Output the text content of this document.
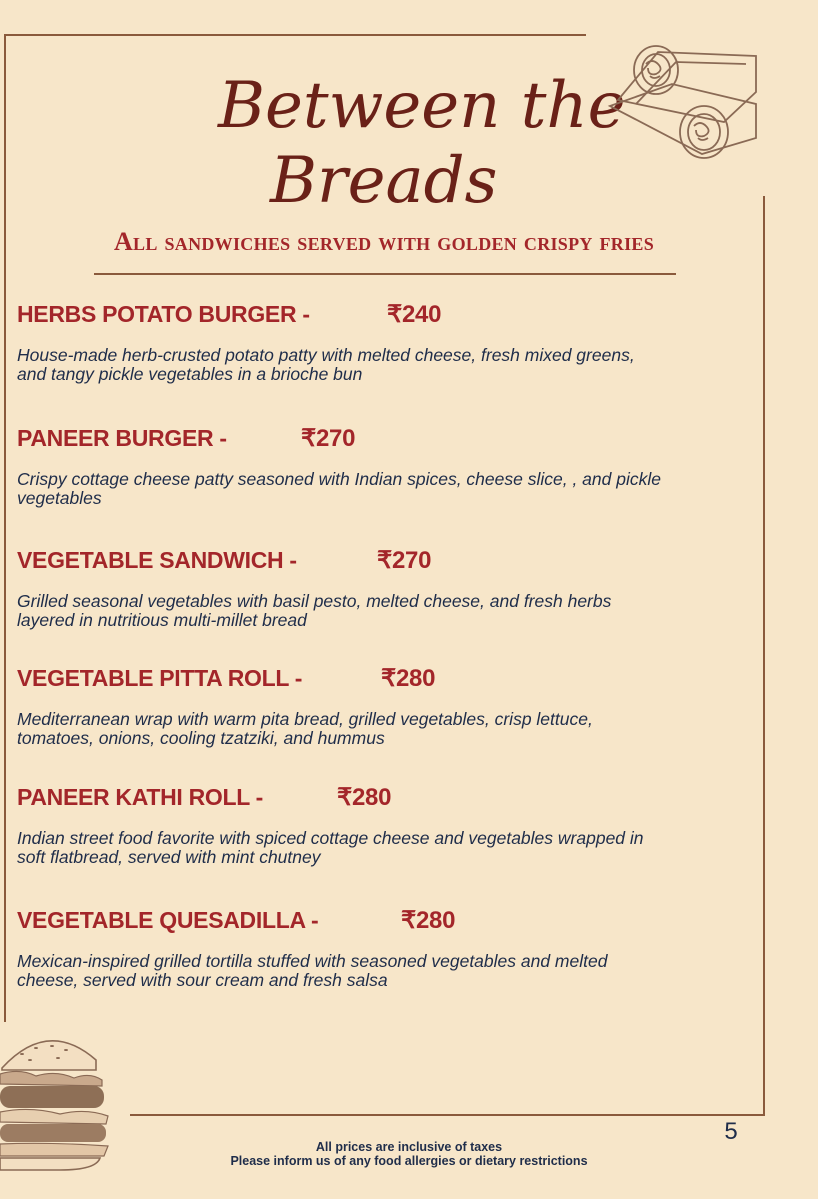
Between the
Breads
All sandwiches served with golden crispy fries
HERBS POTATO BURGER -	₹240
House-made herb-crusted potato patty with melted cheese, fresh mixed greens,
and tangy pickle vegetables in a brioche bun
PANEER BURGER -	₹270
Crispy cottage cheese patty seasoned with Indian spices, cheese slice, , and pickle
vegetables
VEGETABLE SANDWICH -	₹270
Grilled seasonal vegetables with basil pesto, melted cheese, and fresh herbs
layered in nutritious multi-millet bread
VEGETABLE PITTA ROLL -	₹280
Mediterranean wrap with warm pita bread, grilled vegetables, crisp lettuce,
tomatoes, onions, cooling tzatziki, and hummus
PANEER KATHI ROLL -	₹280
Indian street food favorite with spiced cottage cheese and vegetables wrapped in
soft flatbread, served with mint chutney
VEGETABLE QUESADILLA -	₹280
Mexican-inspired grilled tortilla stuffed with seasoned vegetables and melted
cheese, served with sour cream and fresh salsa
5
All prices are inclusive of taxes
Please inform us of any food allergies or dietary restrictions
